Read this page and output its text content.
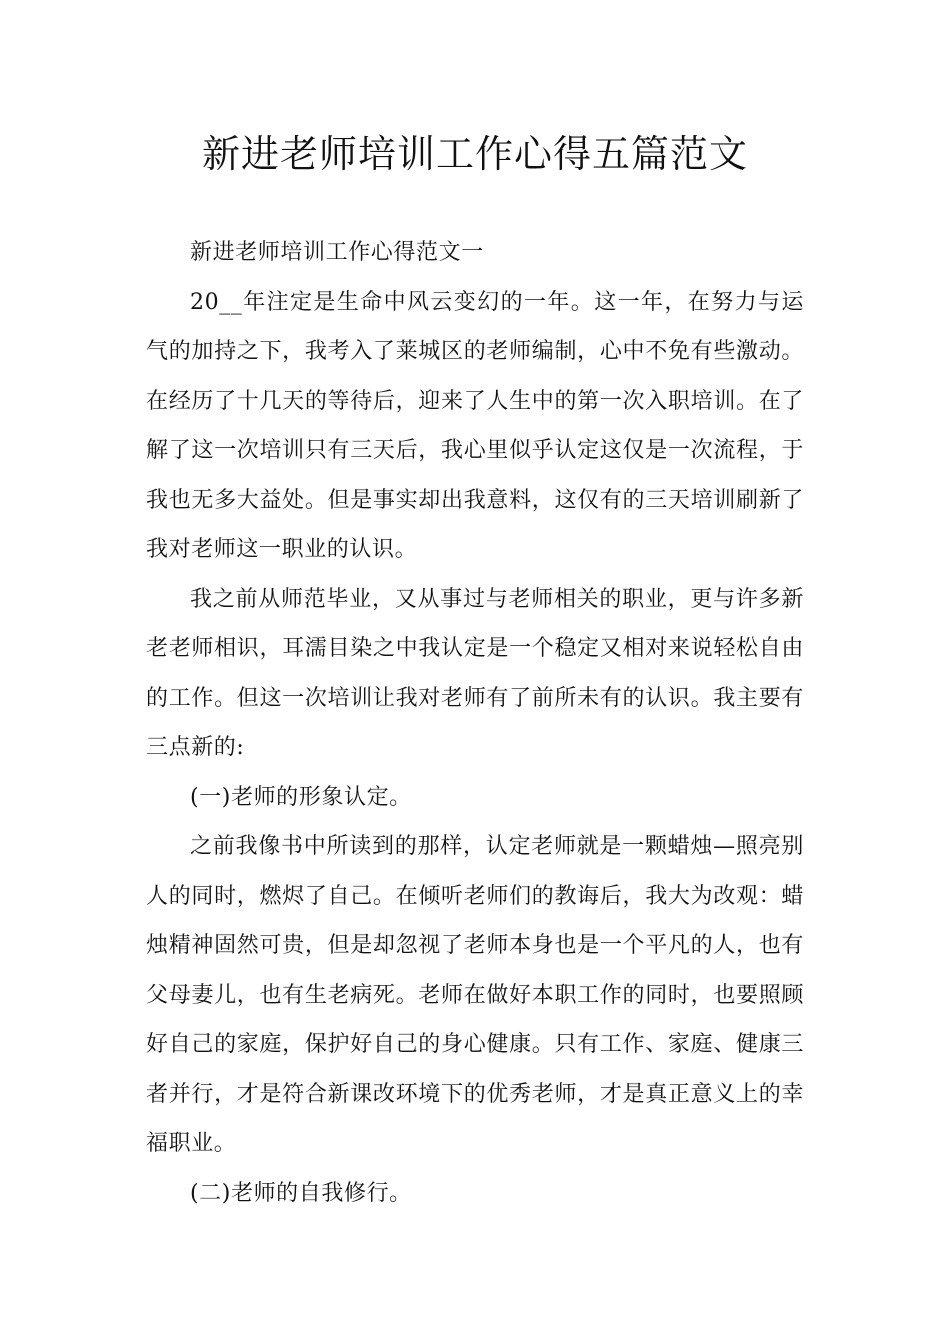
新进老师培训工作心得五篇范文

新进老师培训工作心得范文一

20__年注定是生命中风云变幻的一年。这一年，在努力与运气的加持之下，我考入了莱城区的老师编制，心中不免有些激动。在经历了十几天的等待后，迎来了人生中的第一次入职培训。在了解了这一次培训只有三天后，我心里似乎认定这仅是一次流程，于我也无多大益处。但是事实却出我意料，这仅有的三天培训刷新了我对老师这一职业的认识。

我之前从师范毕业，又从事过与老师相关的职业，更与许多新老老师相识，耳濡目染之中我认定是一个稳定又相对来说轻松自由的工作。但这一次培训让我对老师有了前所未有的认识。我主要有三点新的:

(一)老师的形象认定。

之前我像书中所读到的那样，认定老师就是一颗蜡烛—照亮别人的同时，燃烬了自己。在倾听老师们的教诲后，我大为改观：蜡烛精神固然可贵，但是却忽视了老师本身也是一个平凡的人，也有父母妻儿，也有生老病死。老师在做好本职工作的同时，也要照顾好自己的家庭，保护好自己的身心健康。只有工作、家庭、健康三者并行，才是符合新课改环境下的优秀老师，才是真正意义上的幸福职业。

(二)老师的自我修行。
